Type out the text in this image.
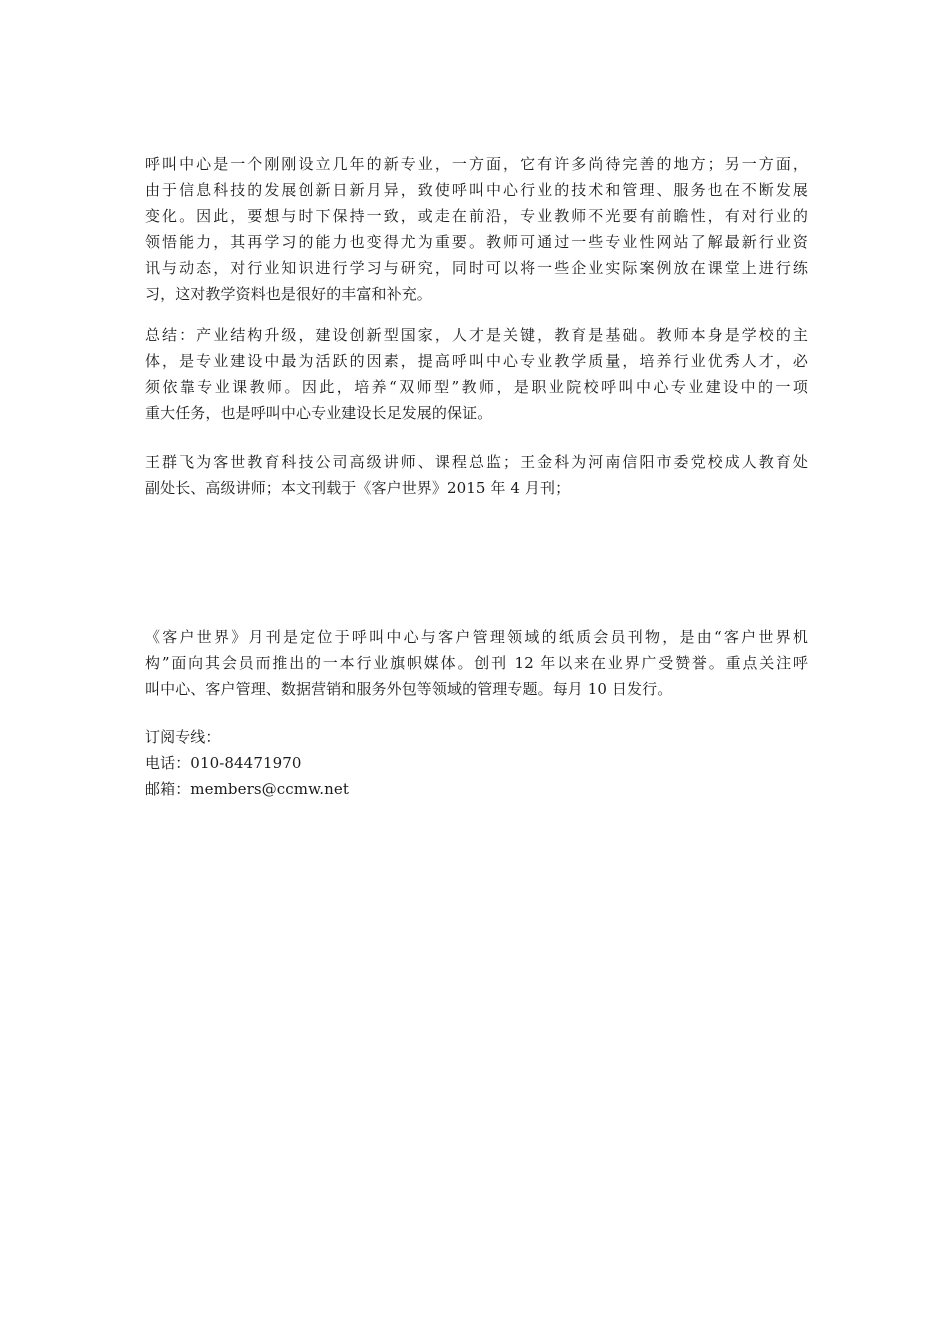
呼叫中心是一个刚刚设立几年的新专业，一方面，它有许多尚待完善的地方；另一方面，
由于信息科技的发展创新日新月异，致使呼叫中心行业的技术和管理、服务也在不断发展
变化。因此，要想与时下保持一致，或走在前沿，专业教师不光要有前瞻性，有对行业的
领悟能力，其再学习的能力也变得尤为重要。教师可通过一些专业性网站了解最新行业资
讯与动态，对行业知识进行学习与研究，同时可以将一些企业实际案例放在课堂上进行练
习，这对教学资料也是很好的丰富和补充。
总结：产业结构升级，建设创新型国家，人才是关键，教育是基础。教师本身是学校的主
体，是专业建设中最为活跃的因素，提高呼叫中心专业教学质量，培养行业优秀人才，必
须依靠专业课教师。因此，培养“双师型”教师，是职业院校呼叫中心专业建设中的一项
重大任务，也是呼叫中心专业建设长足发展的保证。
王群飞为客世教育科技公司高级讲师、课程总监；王金科为河南信阳市委党校成人教育处
副处长、高级讲师；本文刊载于《客户世界》2015 年 4 月刊；
《客户世界》月刊是定位于呼叫中心与客户管理领域的纸质会员刊物，是由“客户世界机
构”面向其会员而推出的一本行业旗帜媒体。创刊 12 年以来在业界广受赞誉。重点关注呼
叫中心、客户管理、数据营销和服务外包等领域的管理专题。每月 10 日发行。
订阅专线：
电话：010-84471970
邮箱：members@ccmw.net
